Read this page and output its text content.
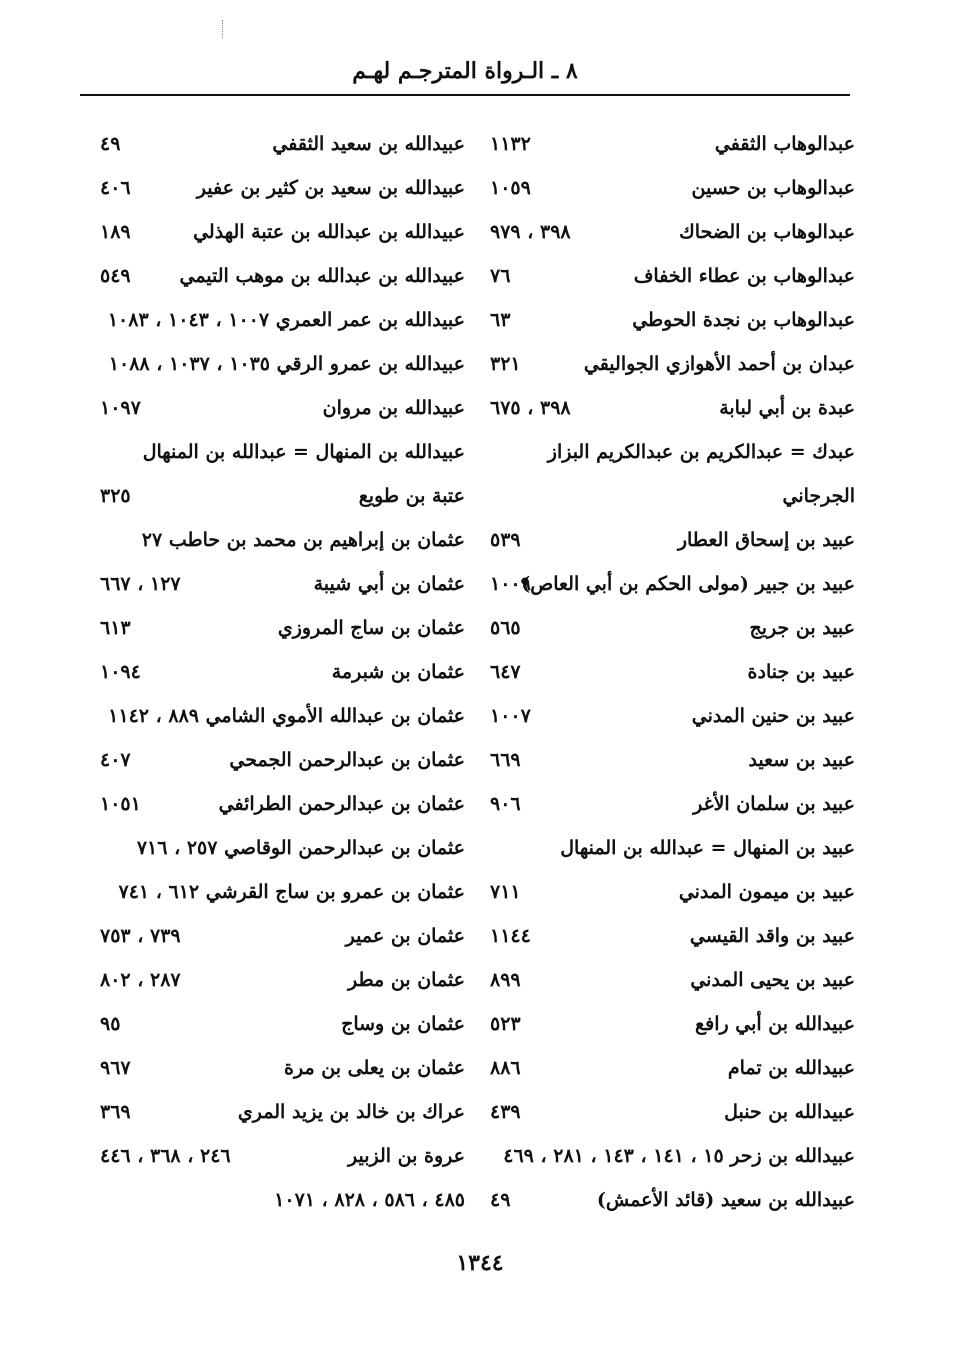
٨ ـ الـرواة المترجـم لهـم
عبدالوهاب الثقفي
١١٣٢
عبدالوهاب بن حسين
١٠٥٩
عبدالوهاب بن الضحاك
٣٩٨ ، ٩٧٩
عبدالوهاب بن عطاء الخفاف
٧٦
عبدالوهاب بن نجدة الحوطي
٦٣
عبدان بن أحمد الأهوازي الجواليقي
٣٢١
عبدة بن أبي لبابة
٣٩٨ ، ٦٧٥
عبدك = عبدالكريم بن عبدالكريم البزاز
الجرجاني
عبيد بن إسحاق العطار
٥٣٩
عبيد بن جبير (مولى الحكم بن أبي العاص)
١٠٠٩
عبيد بن جريج
٥٦٥
عبيد بن جنادة
٦٤٧
عبيد بن حنين المدني
١٠٠٧
عبيد بن سعيد
٦٦٩
عبيد بن سلمان الأغر
٩٠٦
عبيد بن المنهال = عبدالله بن المنهال
عبيد بن ميمون المدني
٧١١
عبيد بن واقد القيسي
١١٤٤
عبيد بن يحيى المدني
٨٩٩
عبيدالله بن أبي رافع
٥٢٣
عبيدالله بن تمام
٨٨٦
عبيدالله بن حنبل
٤٣٩
عبيدالله بن زحر ١٥ ، ١٤١ ، ١٤٣ ، ٢٨١ ، ٤٦٩
عبيدالله بن سعيد (قائد الأعمش)
٤٩
عبيدالله بن سعيد الثقفي
٤٩
عبيدالله بن سعيد بن كثير بن عفير
٤٠٦
عبيدالله بن عبدالله بن عتبة الهذلي
١٨٩
عبيدالله بن عبدالله بن موهب التيمي
٥٤٩
عبيدالله بن عمر العمري ١٠٠٧ ، ١٠٤٣ ، ١٠٨٣
عبيدالله بن عمرو الرقي ١٠٣٥ ، ١٠٣٧ ، ١٠٨٨
عبيدالله بن مروان
١٠٩٧
عبيدالله بن المنهال = عبدالله بن المنهال
عتبة بن طويع
٣٢٥
عثمان بن إبراهيم بن محمد بن حاطب ٢٧
عثمان بن أبي شيبة
١٢٧ ، ٦٦٧
عثمان بن ساج المروزي
٦١٣
عثمان بن شبرمة
١٠٩٤
عثمان بن عبدالله الأموي الشامي ٨٨٩ ، ١١٤٢
عثمان بن عبدالرحمن الجمحي
٤٠٧
عثمان بن عبدالرحمن الطرائفي
١٠٥١
عثمان بن عبدالرحمن الوقاصي ٢٥٧ ، ٧١٦
عثمان بن عمرو بن ساج القرشي ٦١٢ ، ٧٤١
عثمان بن عمير
٧٣٩ ، ٧٥٣
عثمان بن مطر
٢٨٧ ، ٨٠٢
عثمان بن وساج
٩٥
عثمان بن يعلى بن مرة
٩٦٧
عراك بن خالد بن يزيد المري
٣٦٩
عروة بن الزبير
٢٤٦ ، ٣٦٨ ، ٤٤٦
٤٨٥ ، ٥٨٦ ، ٨٢٨ ، ١٠٧١
١٣٤٤
